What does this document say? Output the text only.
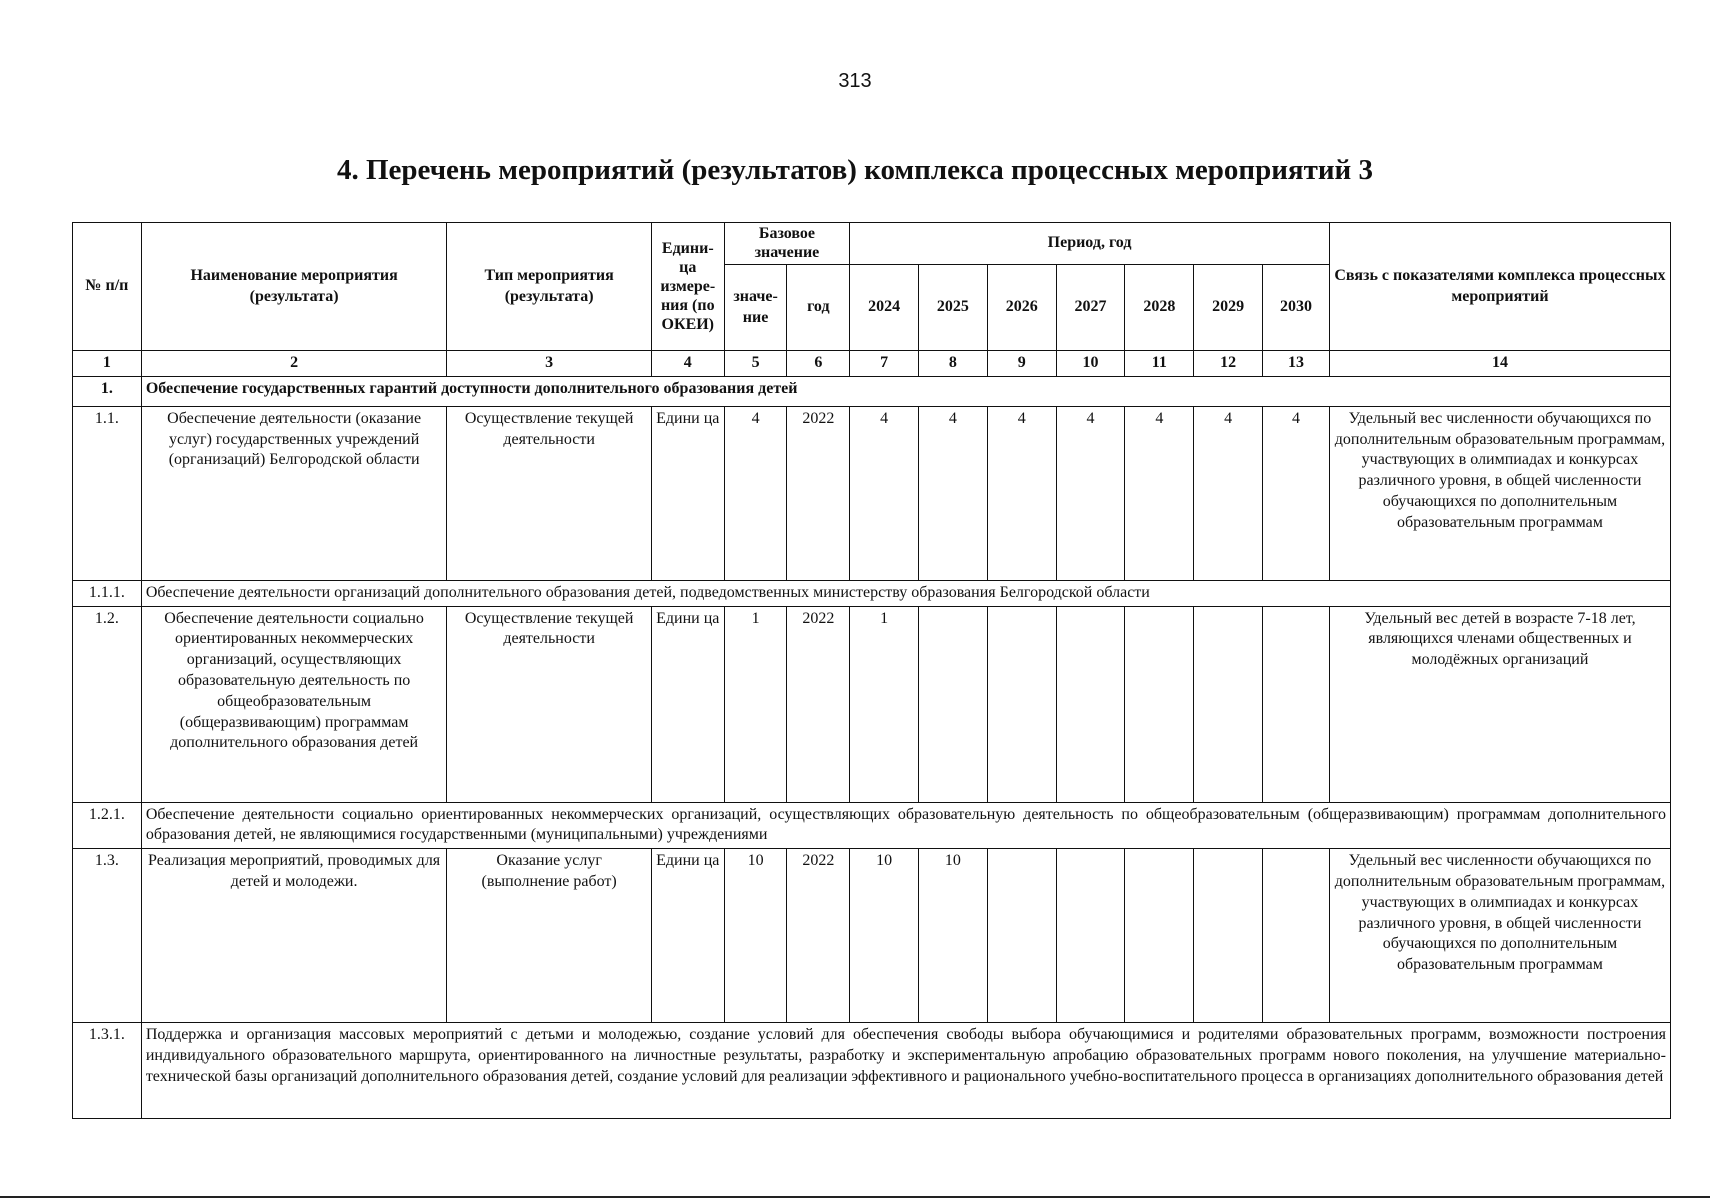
313
4. Перечень мероприятий (результатов) комплекса процессных мероприятий 3
№ п/п	Наименование мероприятия (результата)	Тип мероприятия (результата)	Едини-ца измере-ния (по ОКЕИ)	Базовое значение		Период, год							Связь с показателями комплекса процессных мероприятий
				значе-ние	год	2024	2025	2026	2027	2028	2029	2030	
1	2	3	4	5	6	7	8	9	10	11	12	13	14
1.	Обеспечение государственных гарантий доступности дополнительного образования детей												
1.1.	Обеспечение деятельности (оказание услуг) государственных учреждений (организаций) Белгородской области	Осуществление текущей деятельности	Едини ца	4	2022	4	4	4	4	4	4	4	Удельный вес численности обучающихся по дополнительным образовательным программам, участвующих в олимпиадах и конкурсах различного уровня, в общей численности обучающихся по дополнительным образовательным программам
1.1.1.	Обеспечение деятельности организаций дополнительного образования детей, подведомственных министерству образования Белгородской области												
1.2.	Обеспечение деятельности социально ориентированных некоммерческих организаций, осуществляющих образовательную деятельность по общеобразовательным (общеразвивающим) программам дополнительного образования детей	Осуществление текущей деятельности	Едини ца	1	2022	1							Удельный вес детей в возрасте 7-18 лет, являющихся членами общественных и молодёжных организаций
1.2.1.	Обеспечение деятельности социально ориентированных некоммерческих организаций, осуществляющих образовательную деятельность по общеобразовательным (общеразвивающим) программам дополнительного образования детей, не являющимися государственными (муниципальными) учреждениями												
1.3.	Реализация мероприятий, проводимых для детей и молодежи.	Оказание услуг (выполнение работ)	Едини ца	10	2022	10	10						Удельный вес численности обучающихся по дополнительным образовательным программам, участвующих в олимпиадах и конкурсах различного уровня, в общей численности обучающихся по дополнительным образовательным программам
1.3.1.	Поддержка и организация массовых мероприятий с детьми и молодежью, создание условий для обеспечения свободы выбора обучающимися и родителями образовательных программ, возможности построения индивидуального образовательного маршрута, ориентированного на личностные результаты, разработку и экспериментальную апробацию образовательных программ нового поколения, на улучшение материально-технической базы организаций дополнительного образования детей, создание условий для реализации эффективного и рационального учебно-воспитательного процесса в организациях дополнительного образования детей												
